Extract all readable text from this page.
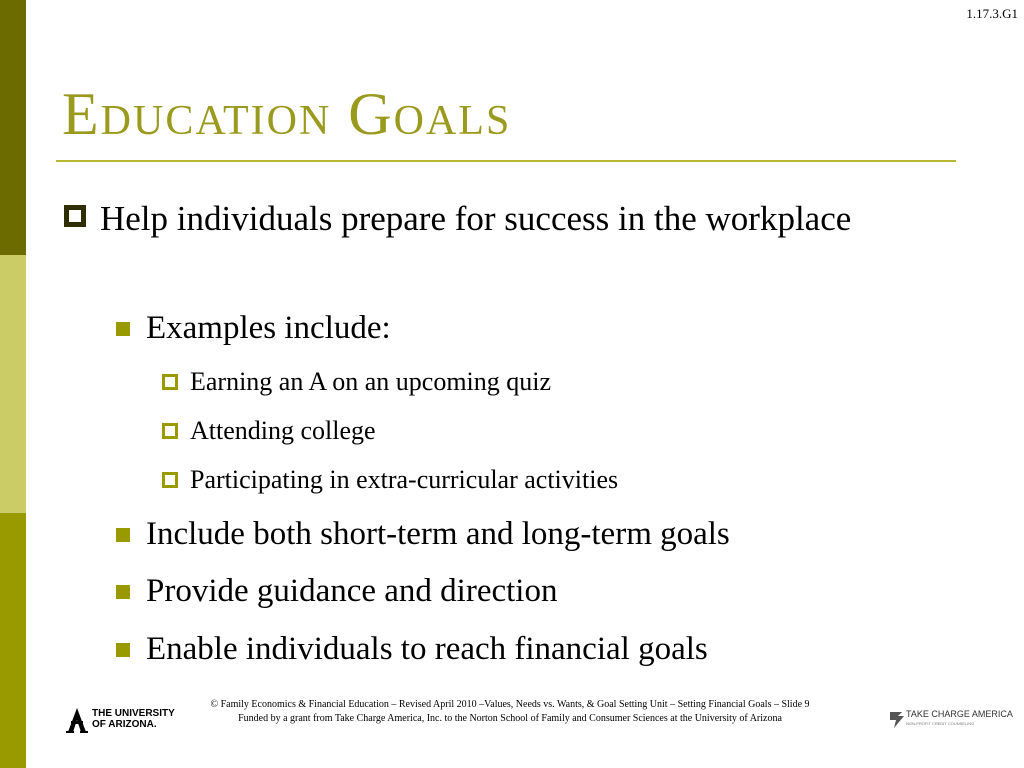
1.17.3.G1
Education Goals
Help individuals prepare for success in the workplace
Examples include:
Earning an A on an upcoming quiz
Attending college
Participating in extra-curricular activities
Include both short-term and long-term goals
Provide guidance and direction
Enable individuals to reach financial goals
THE UNIVERSITY
OF ARIZONA.
© Family Economics & Financial Education – Revised April 2010 –Values, Needs vs. Wants, & Goal Setting Unit – Setting Financial Goals – Slide 9
Funded by a grant from Take Charge America, Inc. to the Norton School of Family and Consumer Sciences at the University of Arizona	TAKE CHARGE AMERICA
NON-PROFIT CREDIT COUNSELING
